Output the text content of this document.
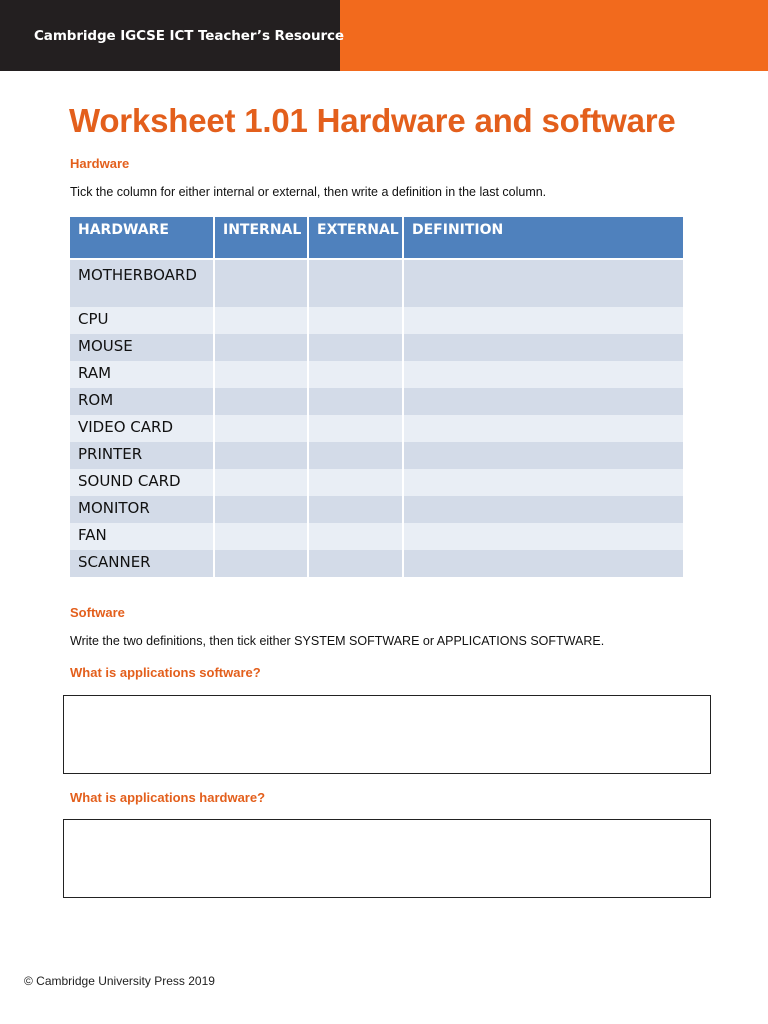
Cambridge IGCSE ICT Teacher’s Resource
Worksheet 1.01 Hardware and software
Hardware
Tick the column for either internal or external, then write a definition in the last column.
HARDWARE	INTERNAL	EXTERNAL	DEFINITION
MOTHERBOARD			
CPU			
MOUSE			
RAM			
ROM			
VIDEO CARD			
PRINTER			
SOUND CARD			
MONITOR			
FAN			
SCANNER			
Software
Write the two definitions, then tick either SYSTEM SOFTWARE or APPLICATIONS SOFTWARE.
What is applications software?
What is applications hardware?
© Cambridge University Press 2019
